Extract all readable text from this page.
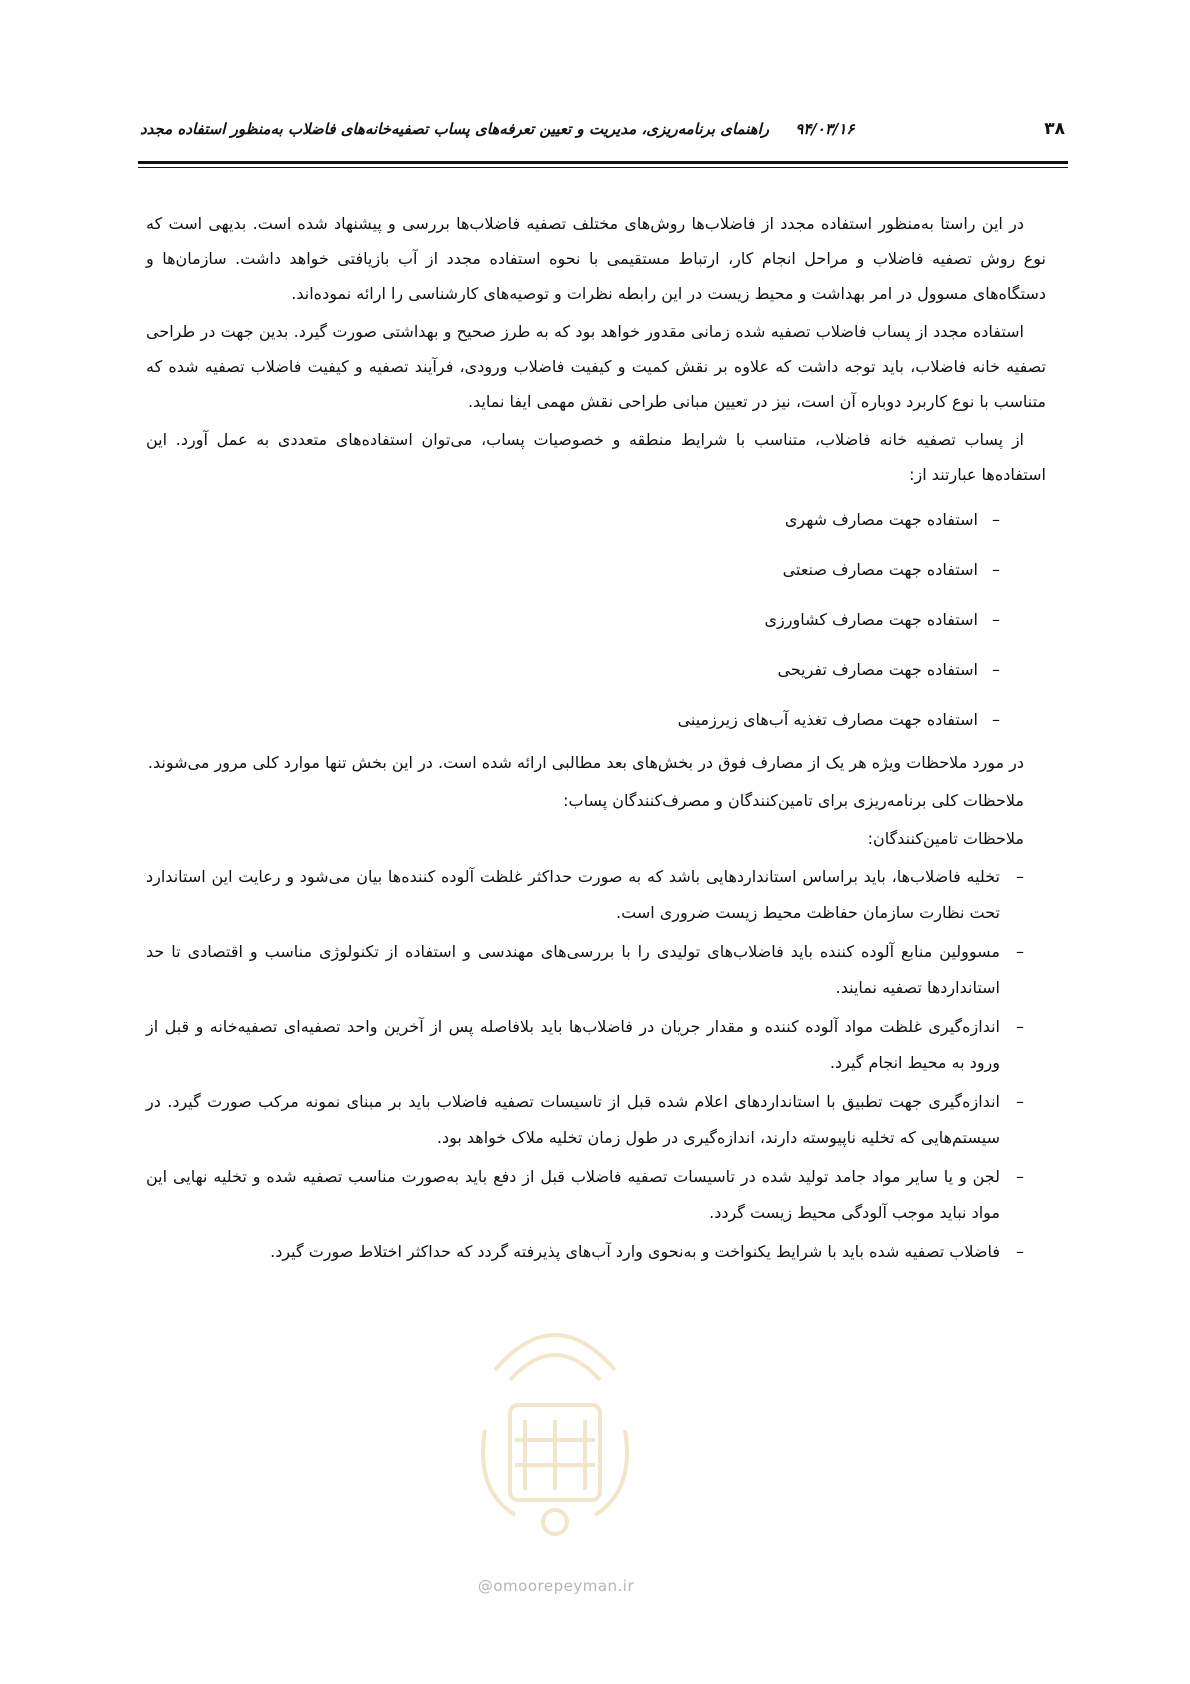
۳۸
۹۴/۰۳/۱۶     راهنمای برنامه‌ریزی، مدیریت و تعیین تعرفه‌های پساب تصفیه‌خانه‌های فاضلاب به‌منظور استفاده مجدد

در این راستا به‌منظور استفاده مجدد از فاضلاب‌ها روش‌های مختلف تصفیه فاضلاب‌ها بررسی و پیشنهاد شده است. بدیهی است که نوع روش تصفیه فاضلاب و مراحل انجام کار، ارتباط مستقیمی با نحوه استفاده مجدد از آب بازیافتی خواهد داشت. سازمان‌ها و دستگاه‌های مسوول در امر بهداشت و محیط زیست در این رابطه نظرات و توصیه‌های کارشناسی را ارائه نموده‌اند.

استفاده مجدد از پساب فاضلاب تصفیه شده زمانی مقدور خواهد بود که به طرز صحیح و بهداشتی صورت گیرد. بدین جهت در طراحی تصفیه خانه فاضلاب، باید توجه داشت که علاوه بر نقش کمیت و کیفیت فاضلاب ورودی، فرآیند تصفیه و کیفیت فاضلاب تصفیه شده که متناسب با نوع کاربرد دوباره آن است، نیز در تعیین مبانی طراحی نقش مهمی ایفا نماید.

از پساب تصفیه خانه فاضلاب، متناسب با شرایط منطقه و خصوصیات پساب، می‌توان استفاده‌های متعددی به عمل آورد. این استفاده‌ها عبارتند از:

–
استفاده جهت مصارف شهری
–
استفاده جهت مصارف صنعتی
–
استفاده جهت مصارف کشاورزی
–
استفاده جهت مصارف تفریحی
–
استفاده جهت مصارف تغذیه آب‌های زیرزمینی

در مورد ملاحظات ویژه هر یک از مصارف فوق در بخش‌های بعد مطالبی ارائه شده است. در این بخش تنها موارد کلی مرور می‌شوند.

ملاحظات کلی برنامه‌ریزی برای تامین‌کنندگان و مصرف‌کنندگان پساب:

ملاحظات تامین‌کنندگان:

–
تخلیه فاضلاب‌ها، باید براساس استانداردهایی باشد که به صورت حداکثر غلظت آلوده کننده‌ها بیان می‌شود و رعایت این استاندارد تحت نظارت سازمان حفاظت محیط زیست ضروری است.
–
مسوولین منابع آلوده کننده باید فاضلاب‌های تولیدی را با بررسی‌های مهندسی و استفاده از تکنولوژی مناسب و اقتصادی تا حد استانداردها تصفیه نمایند.
–
اندازه‌گیری غلظت مواد آلوده کننده و مقدار جریان در فاضلاب‌ها باید بلافاصله پس از آخرین واحد تصفیه‌ای تصفیه‌خانه و قبل از ورود به محیط انجام گیرد.
–
اندازه‌گیری جهت تطبیق با استانداردهای اعلام شده قبل از تاسیسات تصفیه فاضلاب باید بر مبنای نمونه مرکب صورت گیرد. در سیستم‌هایی که تخلیه ناپیوسته دارند، اندازه‌گیری در طول زمان تخلیه ملاک خواهد بود.
–
لجن و یا سایر مواد جامد تولید شده در تاسیسات تصفیه فاضلاب قبل از دفع باید به‌صورت مناسب تصفیه شده و تخلیه نهایی این مواد نباید موجب آلودگی محیط زیست گردد.
–
فاضلاب تصفیه شده باید با شرایط یکنواخت و به‌نحوی وارد آب‌های پذیرفته گردد که حداکثر اختلاط صورت گیرد.
@omoorepeyman.ir
